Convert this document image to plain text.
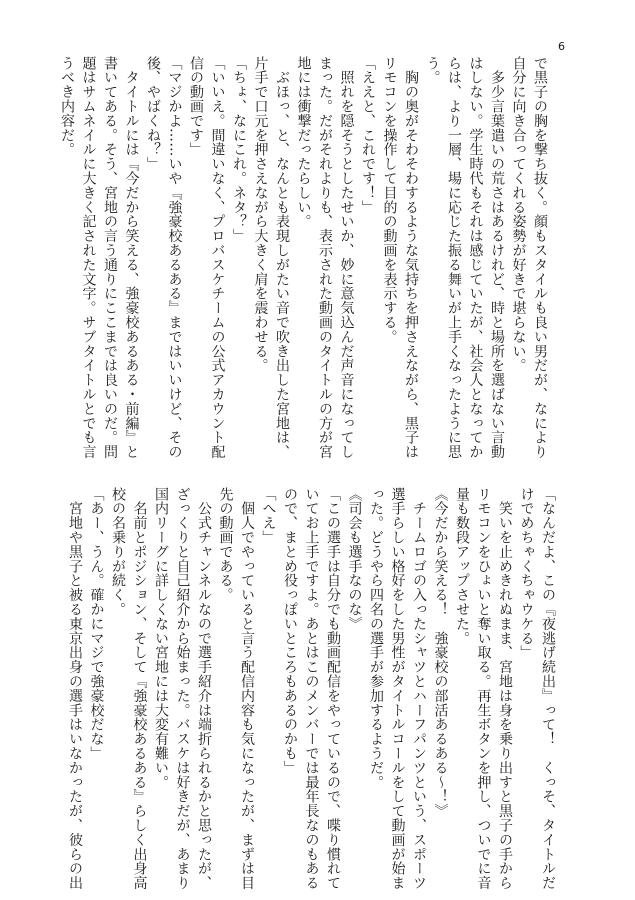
6

で黒子の胸を撃ち抜く。顔もスタイルも良い男だが、なにより

自分に向き合ってくれる姿勢が好きで堪らない。

　多少言葉遣いの荒さはあるけれど、時と場所を選ばない言動

はしない。学生時代もそれは感じていたが、社会人となってか

らは、より一層、場に応じた振る舞いが上手くなったように思

う。

　胸の奥がそわそわするような気持ちを押さえながら、黒子は

リモコンを操作して目的の動画を表示する。

「ええと、これです！」

　照れを隠そうとしたせいか、妙に意気込んだ声音になってし

まった。だがそれよりも、表示された動画のタイトルの方が宮

地には衝撃だったらしい。

　ぶほっ、と、なんとも表現しがたい音で吹き出した宮地は、

片手で口元を押さえながら大きく肩を震わせる。

「ちょ、なにこれ。ネタ？」

「いいえ。間違いなく、プロバスケチームの公式アカウント配

信の動画です」

「マジかよ……いや『強豪校あるある』まではいいけど、その

後、やばくね？」

　タイトルには『今だから笑える、強豪校あるある・前編』と

書いてある。そう、宮地の言う通りにここまでは良いのだ。問

題はサムネイルに大きく記された文字。サブタイトルとでも言

うべき内容だ。

「なんだよ、この『夜逃げ続出』って！　くっそ、タイトルだ

けでめちゃくちゃウケる」

　笑いを止めきれぬまま、宮地は身を乗り出すと黒子の手から

リモコンをひょいと奪い取る。再生ボタンを押し、ついでに音

量も数段アップさせた。

《今だから笑える！　強豪校の部活あるある〜！》

　チームロゴの入ったシャツとハーフパンツという、スポーツ

選手らしい格好をした男性がタイトルコールをして動画が始ま

った。どうやら四名の選手が参加するようだ。

《司会も選手なのな》

「この選手は自分でも動画配信をやっているので、喋り慣れて

いてお上手ですよ。あとはこのメンバーでは最年長なのもある

ので、まとめ役っぽいところもあるのかも」

「へえ」

　個人でやっていると言う配信内容も気になったが、まずは目

先の動画である。

　公式チャンネルなので選手紹介は端折られるかと思ったが、

ざっくりと自己紹介から始まった。バスケは好きだが、あまり

国内リーグに詳しくない宮地には大変有難い。

　名前とポジション、そして『強豪校あるある』らしく出身高

校の名乗りが続く。

「あー、うん。確かにマジで強豪校だな」

　宮地や黒子と被る東京出身の選手はいなかったが、彼らの出
